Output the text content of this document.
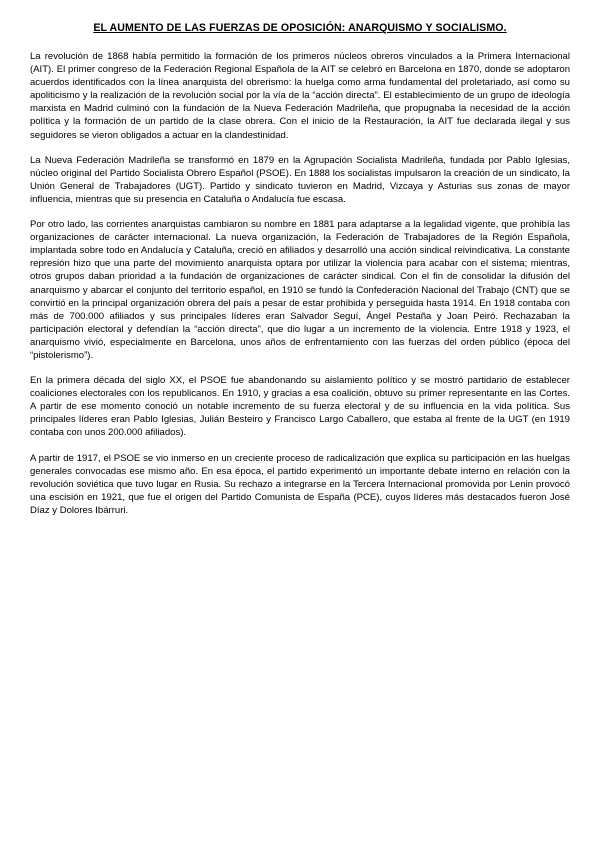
EL AUMENTO DE LAS FUERZAS DE OPOSICIÓN: ANARQUISMO Y SOCIALISMO.

La revolución de 1868 había permitido la formación de los primeros núcleos obreros vinculados a la Primera Internacional (AIT). El primer congreso de la Federación Regional Española de la AIT se celebró en Barcelona en 1870, donde se adoptaron acuerdos identificados con la línea anarquista del obrerismo: la huelga como arma fundamental del proletariado, así como su apoliticismo y la realización de la revolución social por la vía de la “acción directa”. El establecimiento de un grupo de ideología marxista en Madrid culminó con la fundación de la Nueva Federación Madrileña, que propugnaba la necesidad de la acción política y la formación de un partido de la clase obrera. Con el inicio de la Restauración, la AIT fue declarada ilegal y sus seguidores se vieron obligados a actuar en la clandestinidad.

La Nueva Federación Madrileña se transformó en 1879 en la Agrupación Socialista Madrileña, fundada por Pablo Iglesias, núcleo original del Partido Socialista Obrero Español (PSOE). En 1888 los socialistas impulsaron la creación de un sindicato, la Unión General de Trabajadores (UGT). Partido y sindicato tuvieron en Madrid, Vizcaya y Asturias sus zonas de mayor influencia, mientras que su presencia en Cataluña o Andalucía fue escasa.

Por otro lado, las corrientes anarquistas cambiaron su nombre en 1881 para adaptarse a la legalidad vigente, que prohibía las organizaciones de carácter internacional. La nueva organización, la Federación de Trabajadores de la Región Española, implantada sobre todo en Andalucía y Cataluña, creció en afiliados y desarrolló una acción sindical reivindicativa. La constante represión hizo que una parte del movimiento anarquista optara por utilizar la violencia para acabar con el sistema; mientras, otros grupos daban prioridad a la fundación de organizaciones de carácter sindical. Con el fin de consolidar la difusión del anarquismo y abarcar el conjunto del territorio español, en 1910 se fundó la Confederación Nacional del Trabajo (CNT) que se convirtió en la principal organización obrera del país a pesar de estar prohibida y perseguida hasta 1914. En 1918 contaba con más de 700.000 afiliados y sus principales líderes eran Salvador Seguí, Ángel Pestaña y Joan Peiró. Rechazaban la participación electoral y defendían la “acción directa”, que dio lugar a un incremento de la violencia. Entre 1918 y 1923, el anarquismo vivió, especialmente en Barcelona, unos años de enfrentamiento con las fuerzas del orden público (época del “pistolerismo”).

En la primera década del siglo XX, el PSOE fue abandonando su aislamiento político y se mostró partidario de establecer coaliciones electorales con los republicanos. En 1910, y gracias a esa coalición, obtuvo su primer representante en las Cortes. A partir de ese momento conoció un notable incremento de su fuerza electoral y de su influencia en la vida política. Sus principales líderes eran Pablo Iglesias, Julián Besteiro y Francisco Largo Caballero, que estaba al frente de la UGT (en 1919 contaba con unos 200.000 afiliados).

A partir de 1917, el PSOE se vio inmerso en un creciente proceso de radicalización que explica su participación en las huelgas generales convocadas ese mismo año. En esa época, el partido experimentó un importante debate interno en relación con la revolución soviética que tuvo lugar en Rusia. Su rechazo a integrarse en la Tercera Internacional promovida por Lenin provocó una escisión en 1921, que fue el origen del Partido Comunista de España (PCE), cuyos líderes más destacados fueron José Díaz y Dolores Ibárruri.
